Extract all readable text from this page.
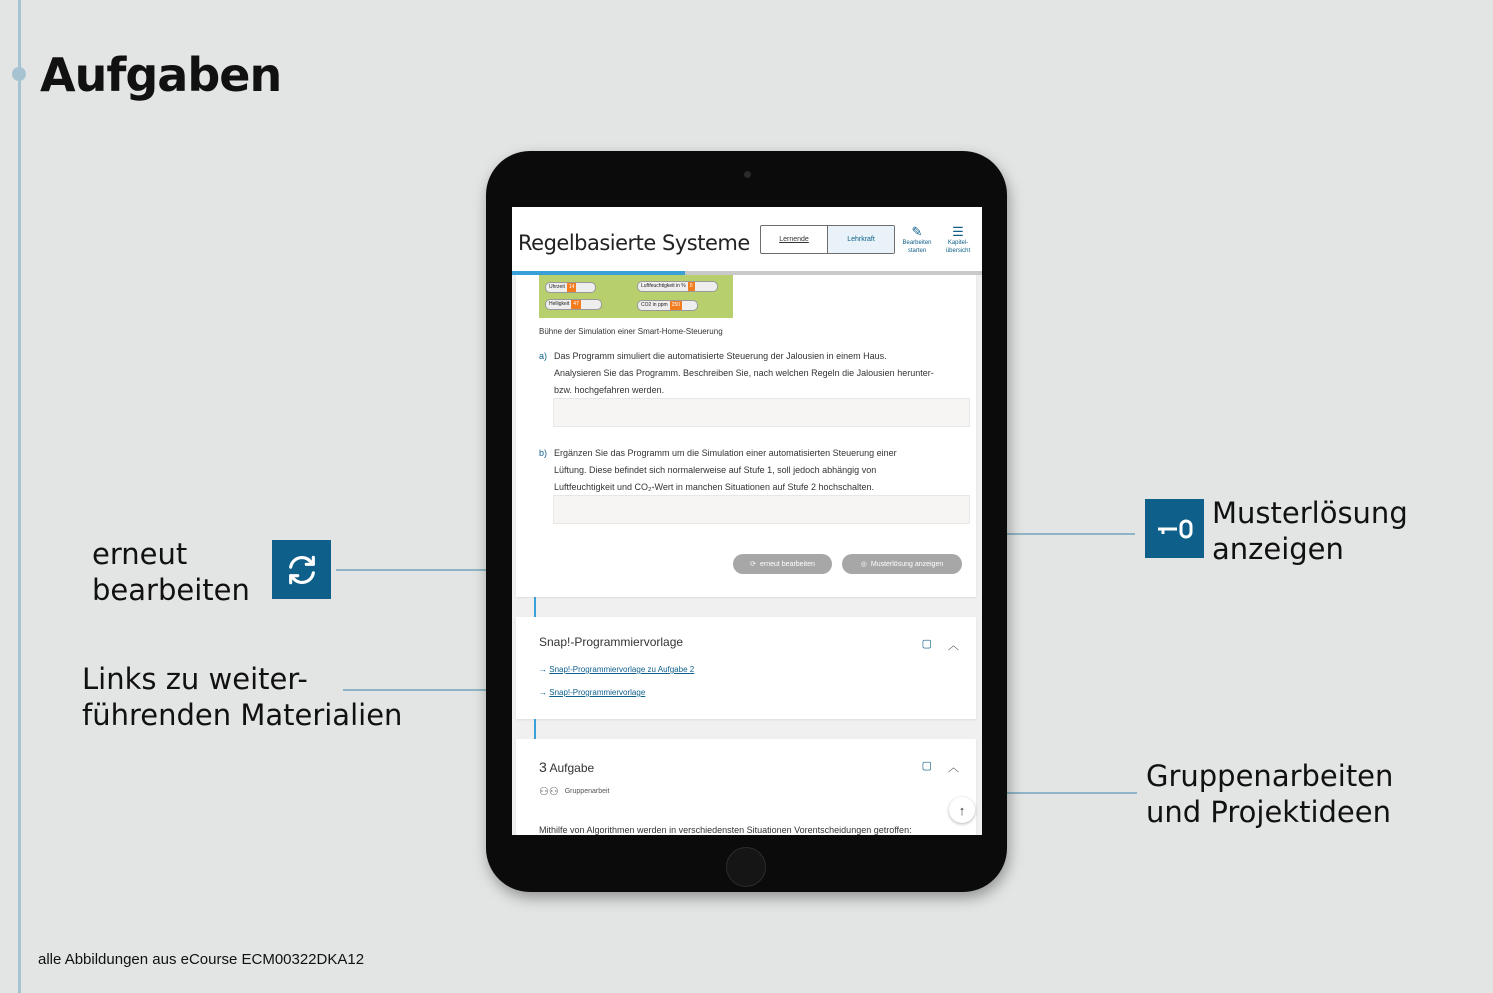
Aufgaben
erneut
bearbeiten
Musterlösung
anzeigen
Links zu weiter-
führenden Materialien
Gruppenarbeiten
und Projektideen
Regelbasierte Systeme	Lernende	Lehrkraft
✎
Bearbeiten
starten
☰
Kapitel-
übersicht
Uhrzeit 14	Luftfeuchtigkeit in % 0
Helligkeit 47	CO2 in ppm 250
Bühne der Simulation einer Smart-Home-Steuerung
a) Das Programm simuliert die automatisierte Steuerung der Jalousien in einem Haus.
Analysieren Sie das Programm. Beschreiben Sie, nach welchen Regeln die Jalousien herunter-
bzw. hochgefahren werden.
b) Ergänzen Sie das Programm um die Simulation einer automatisierten Steuerung einer
Lüftung. Diese befindet sich normalerweise auf Stufe 1, soll jedoch abhängig von
Luftfeuchtigkeit und CO₂-Wert in manchen Situationen auf Stufe 2 hochschalten.
⟳ erneut bearbeiten	◎ Musterlösung anzeigen
Snap!-Programmiervorlage	▢ ︿
→ Snap!-Programmiervorlage zu Aufgabe 2
→ Snap!-Programmiervorlage
3 Aufgabe	▢ ︿
⚇⚇ Gruppenarbeit
↑
Mithilfe von Algorithmen werden in verschiedensten Situationen Vorentscheidungen getroffen:
alle Abbildungen aus eCourse ECM00322DKA12
